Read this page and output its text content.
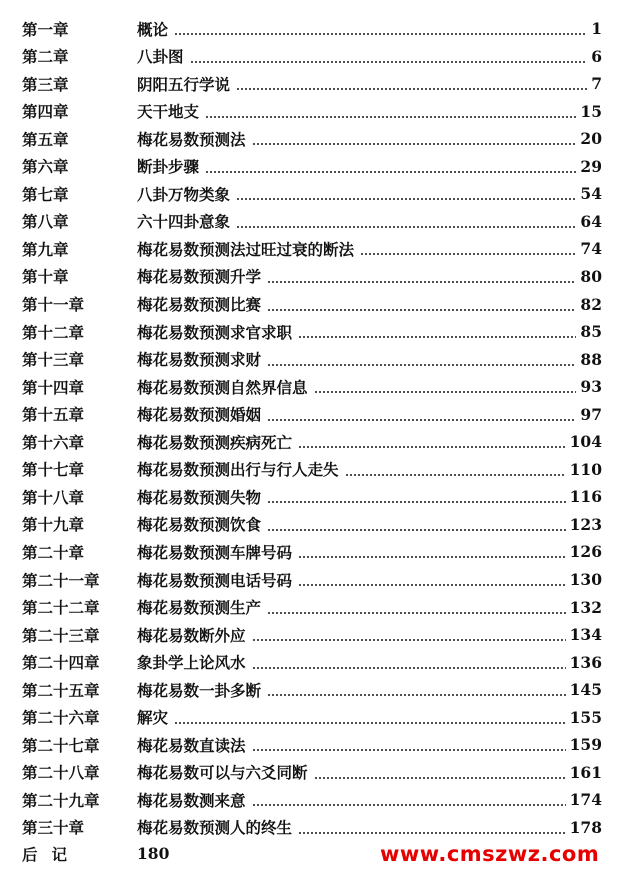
第一章	概论	1
第二章	八卦图	6
第三章	阴阳五行学说	7
第四章	天干地支	15
第五章	梅花易数预测法	20
第六章	断卦步骤	29
第七章	八卦万物类象	54
第八章	六十四卦意象	64
第九章	梅花易数预测法过旺过衰的断法	74
第十章	梅花易数预测升学	80
第十一章	梅花易数预测比赛	82
第十二章	梅花易数预测求官求职	85
第十三章	梅花易数预测求财	88
第十四章	梅花易数预测自然界信息	93
第十五章	梅花易数预测婚姻	97
第十六章	梅花易数预测疾病死亡	104
第十七章	梅花易数预测出行与行人走失	110
第十八章	梅花易数预测失物	116
第十九章	梅花易数预测饮食	123
第二十章	梅花易数预测车牌号码	126
第二十一章	梅花易数预测电话号码	130
第二十二章	梅花易数预测生产	132
第二十三章	梅花易数断外应	134
第二十四章	象卦学上论风水	136
第二十五章	梅花易数一卦多断	145
第二十六章	解灾	155
第二十七章	梅花易数直读法	159
第二十八章	梅花易数可以与六爻同断	161
第二十九章	梅花易数测来意	174
第三十章	梅花易数预测人的终生	178
后记	180	www.cmszwz.com
